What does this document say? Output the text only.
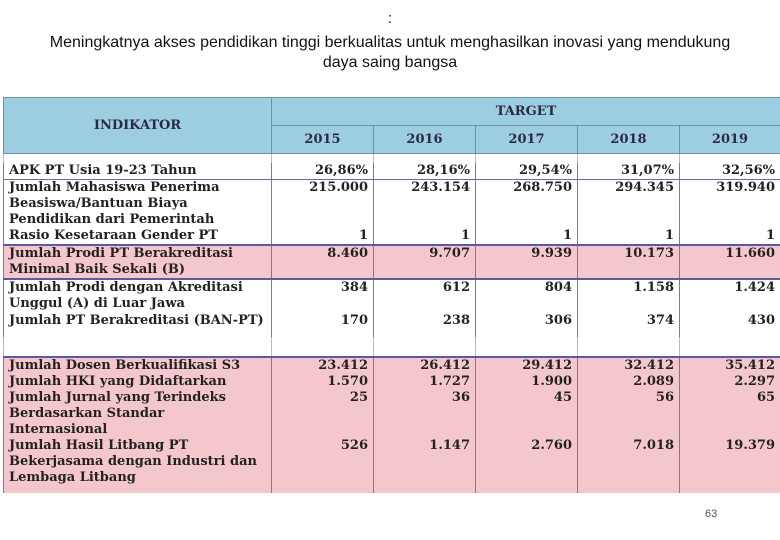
:
Meningkatnya akses pendidikan tinggi berkualitas untuk menghasilkan inovasi yang mendukung daya saing bangsa
INDIKATOR	TARGET				
	2015	2016	2017	2018	2019

APK PT Usia 19-23 Tahun	26,86%	28,16%	29,54%	31,07%	32,56%
Jumlah Mahasiswa Penerima Beasiswa/Bantuan Biaya Pendidikan dari Pemerintah	215.000	243.154	268.750	294.345	319.940
Rasio Kesetaraan Gender PT	1	1	1	1	1
Jumlah Prodi PT Berakreditasi Minimal Baik Sekali (B)	8.460	9.707	9.939	10.173	11.660
Jumlah Prodi dengan Akreditasi Unggul (A) di Luar Jawa	384	612	804	1.158	1.424
Jumlah PT Berakreditasi (BAN-PT)	170	238	306	374	430

Jumlah Dosen Berkualifikasi S3	23.412	26.412	29.412	32.412	35.412
Jumlah HKI yang Didaftarkan	1.570	1.727	1.900	2.089	2.297
Jumlah Jurnal yang Terindeks Berdasarkan Standar Internasional	25	36	45	56	65
Jumlah Hasil Litbang PT Bekerjasama dengan Industri dan Lembaga Litbang	526	1.147	2.760	7.018	19.379
63
